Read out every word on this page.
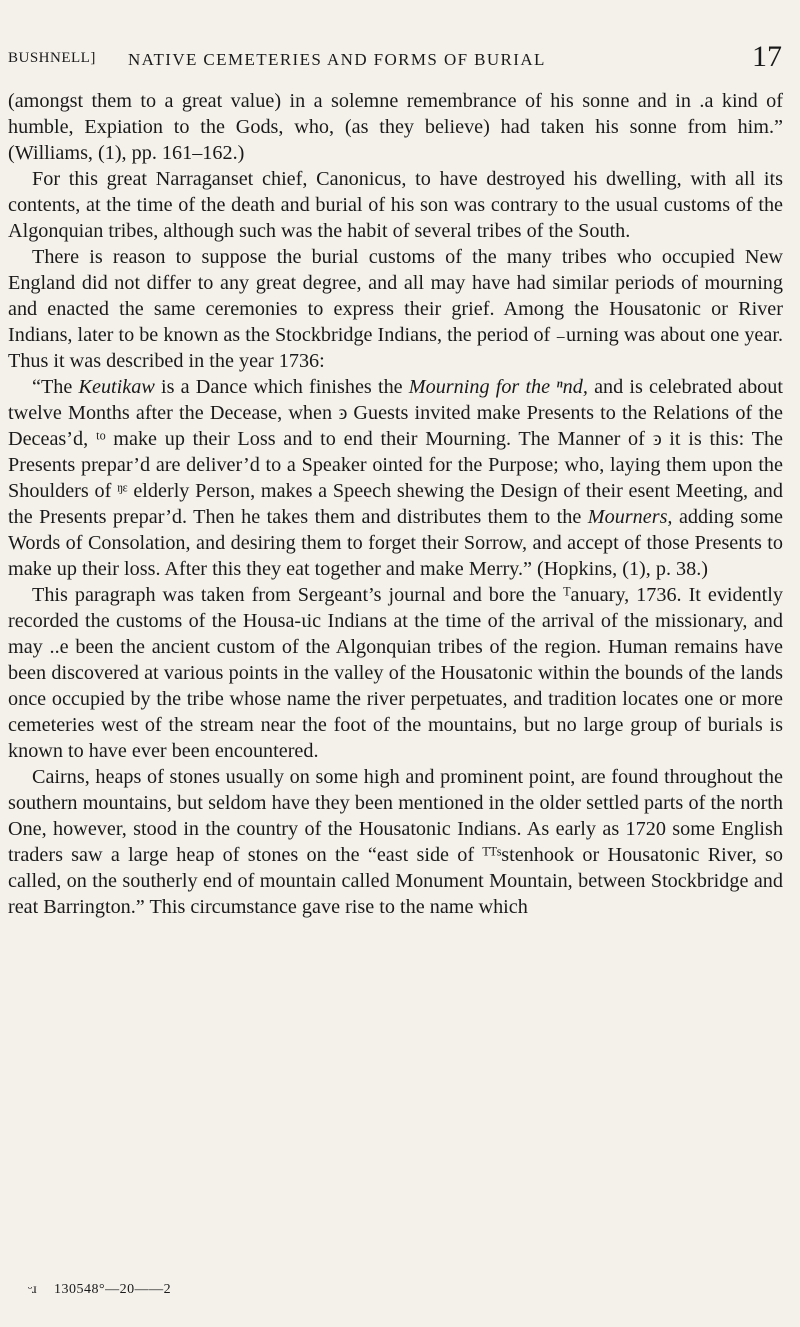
BUSHNELL] NATIVE CEMETERIES AND FORMS OF BURIAL	17

(amongst them to a great value) in a solemne remembrance of his sonne and in .a kind of humble, Expiation to the Gods, who, (as they believe) had taken his sonne from him.” (Williams, (1), pp. 161–162.)

For this great Narraganset chief, Canonicus, to have destroyed his dwelling, with all its contents, at the time of the death and burial of his son was contrary to the usual customs of the Algonquian tribes, although such was the habit of several tribes of the South.

There is reason to suppose the burial customs of the many tribes who occupied New England did not differ to any great degree, and all may have had similar periods of mourning and enacted the same ceremonies to express their grief. Among the Housatonic or River Indians, later to be known as the Stockbridge Indians, the period of ₋urning was about one year. Thus it was described in the year 1736:

“The Keutikaw is a Dance which finishes the Mourning for the ⁿnd, and is celebrated about twelve Months after the Decease, when ͽ Guests invited make Presents to the Relations of the Deceas’d, ᵗᵒ make up their Loss and to end their Mourning. The Manner of ͽ it is this: The Presents prepar’d are deliver’d to a Speaker ointed for the Purpose; who, laying them upon the Shoulders of ᵑᵋ elderly Person, makes a Speech shewing the Design of their esent Meeting, and the Presents prepar’d. Then he takes them and distributes them to the Mourners, adding some Words of Consolation, and desiring them to forget their Sorrow, and accept of those Presents to make up their loss. After this they eat together and make Merry.” (Hopkins, (1), p. 38.)

This paragraph was taken from Sergeant’s journal and bore the ᵀanuary, 1736. It evidently recorded the customs of the Housa-ɩic Indians at the time of the arrival of the missionary, and may ..e been the ancient custom of the Algonquian tribes of the region. Human remains have been discovered at various points in the valley of the Housatonic within the bounds of the lands once occupied by the tribe whose name the river perpetuates, and tradition locates one or more cemeteries west of the stream near the foot of the mountains, but no large group of burials is known to have ever been encountered.

Cairns, heaps of stones usually on some high and prominent point, are found throughout the southern mountains, but seldom have they been mentioned in the older settled parts of the north One, however, stood in the country of the Housatonic Indians. As early as 1720 some English traders saw a large heap of stones on the “east side of ᵀᵀˢstenhook or Housatonic River, so called, on the southerly end of mountain called Monument Mountain, between Stockbridge and reat Barrington.” This circumstance gave rise to the name which

ᵕɹ 130548°—20——2
